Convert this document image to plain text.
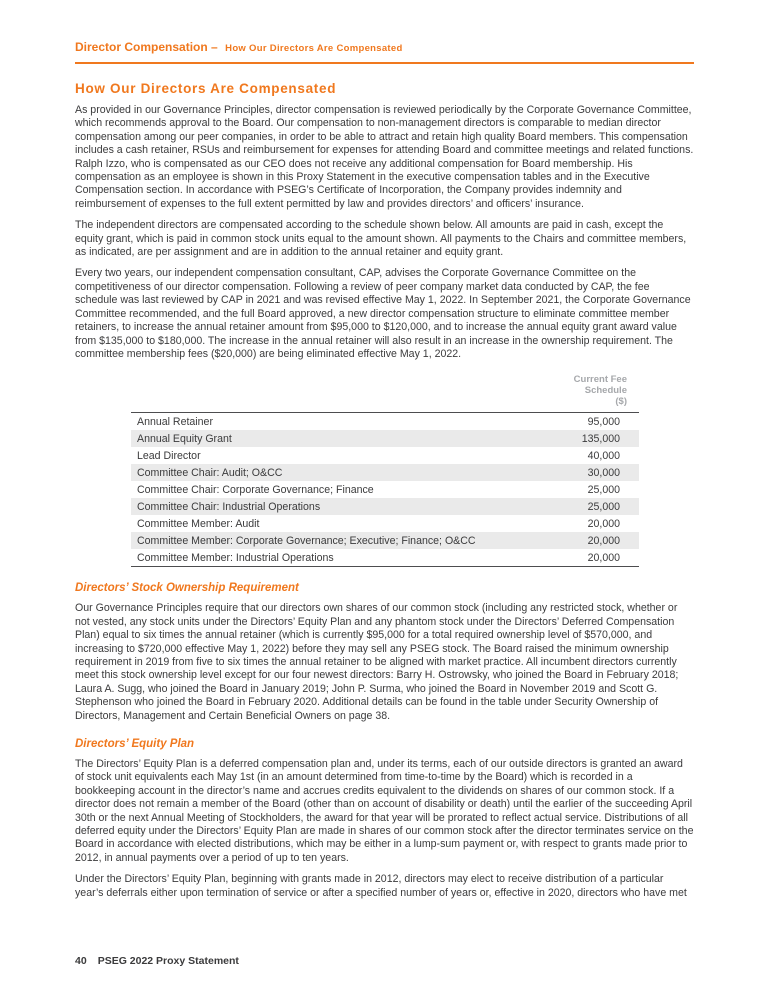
Director Compensation – How Our Directors Are Compensated
How Our Directors Are Compensated

As provided in our Governance Principles, director compensation is reviewed periodically by the Corporate Governance Committee, which recommends approval to the Board. Our compensation to non-management directors is comparable to median director compensation among our peer companies, in order to be able to attract and retain high quality Board members. This compensation includes a cash retainer, RSUs and reimbursement for expenses for attending Board and committee meetings and related functions. Ralph Izzo, who is compensated as our CEO does not receive any additional compensation for Board membership. His compensation as an employee is shown in this Proxy Statement in the executive compensation tables and in the Executive Compensation section. In accordance with PSEG’s Certificate of Incorporation, the Company provides indemnity and reimbursement of expenses to the full extent permitted by law and provides directors’ and officers’ insurance.

The independent directors are compensated according to the schedule shown below. All amounts are paid in cash, except the equity grant, which is paid in common stock units equal to the amount shown. All payments to the Chairs and committee members, as indicated, are per assignment and are in addition to the annual retainer and equity grant.

Every two years, our independent compensation consultant, CAP, advises the Corporate Governance Committee on the competitiveness of our director compensation. Following a review of peer company market data conducted by CAP, the fee schedule was last reviewed by CAP in 2021 and was revised effective May 1, 2022. In September 2021, the Corporate Governance Committee recommended, and the full Board approved, a new director compensation structure to eliminate committee member retainers, to increase the annual retainer amount from $95,000 to $120,000, and to increase the annual equity grant award value from $135,000 to $180,000. The increase in the annual retainer will also result in an increase in the ownership requirement. The committee membership fees ($20,000) are being eliminated effective May 1, 2022.

Current Fee
Schedule
($)	
Annual Retainer	95,000
Annual Equity Grant	135,000
Lead Director	40,000
Committee Chair: Audit; O&CC	30,000
Committee Chair: Corporate Governance; Finance	25,000
Committee Chair: Industrial Operations	25,000
Committee Member: Audit	20,000
Committee Member: Corporate Governance; Executive; Finance; O&CC	20,000
Committee Member: Industrial Operations	20,000
Directors’ Stock Ownership Requirement

Our Governance Principles require that our directors own shares of our common stock (including any restricted stock, whether or not vested, any stock units under the Directors’ Equity Plan and any phantom stock under the Directors’ Deferred Compensation Plan) equal to six times the annual retainer (which is currently $95,000 for a total required ownership level of $570,000, and increasing to $720,000 effective May 1, 2022) before they may sell any PSEG stock. The Board raised the minimum ownership requirement in 2019 from five to six times the annual retainer to be aligned with market practice. All incumbent directors currently meet this stock ownership level except for our four newest directors: Barry H. Ostrowsky, who joined the Board in February 2018; Laura A. Sugg, who joined the Board in January 2019; John P. Surma, who joined the Board in November 2019 and Scott G. Stephenson who joined the Board in February 2020. Additional details can be found in the table under Security Ownership of Directors, Management and Certain Beneficial Owners on page 38.

Directors’ Equity Plan

The Directors’ Equity Plan is a deferred compensation plan and, under its terms, each of our outside directors is granted an award of stock unit equivalents each May 1st (in an amount determined from time-to-time by the Board) which is recorded in a bookkeeping account in the director’s name and accrues credits equivalent to the dividends on shares of our common stock. If a director does not remain a member of the Board (other than on account of disability or death) until the earlier of the succeeding April 30th or the next Annual Meeting of Stockholders, the award for that year will be prorated to reflect actual service. Distributions of all deferred equity under the Directors’ Equity Plan are made in shares of our common stock after the director terminates service on the Board in accordance with elected distributions, which may be either in a lump-sum payment or, with respect to grants made prior to 2012, in annual payments over a period of up to ten years.

Under the Directors’ Equity Plan, beginning with grants made in 2012, directors may elect to receive distribution of a particular year’s deferrals either upon termination of service or after a specified number of years or, effective in 2020, directors who have met

40 PSEG 2022 Proxy Statement
